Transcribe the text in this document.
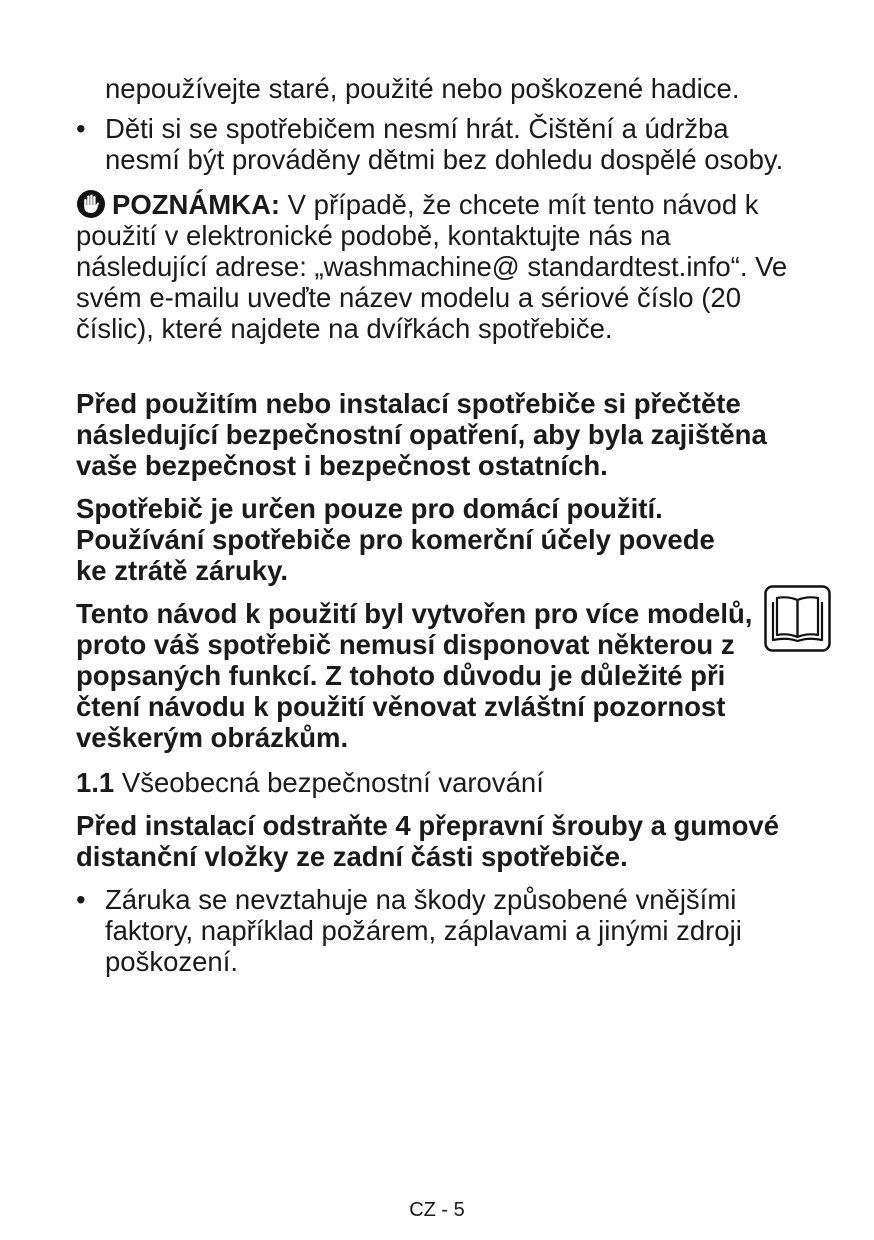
nepoužívejte staré, použité nebo poškozené hadice.

• Děti si se spotřebičem nesmí hrát. Čištění a údržba nesmí být prováděny dětmi bez dohledu dospělé osoby.

POZNÁMKA: V případě, že chcete mít tento návod k použití v elektronické podobě, kontaktujte nás na následující adrese: „washmachine@ standardtest.info“. Ve svém e-mailu uveďte název modelu a sériové číslo (20 číslic), které najdete na dvířkách spotřebiče.

Před použitím nebo instalací spotřebiče si přečtěte následující bezpečnostní opatření, aby byla zajištěna vaše bezpečnost i bezpečnost ostatních.

Spotřebič je určen pouze pro domácí použití. Používání spotřebiče pro komerční účely povede ke ztrátě záruky.

Tento návod k použití byl vytvořen pro více modelů, proto váš spotřebič nemusí disponovat některou z popsaných funkcí. Z tohoto důvodu je důležité při čtení návodu k použití věnovat zvláštní pozornost veškerým obrázkům.

1.1 Všeobecná bezpečnostní varování

Před instalací odstraňte 4 přepravní šrouby a gumové distanční vložky ze zadní části spotřebiče.

• Záruka se nevztahuje na škody způsobené vnějšími faktory, například požárem, záplavami a jinými zdroji poškození.
CZ - 5
